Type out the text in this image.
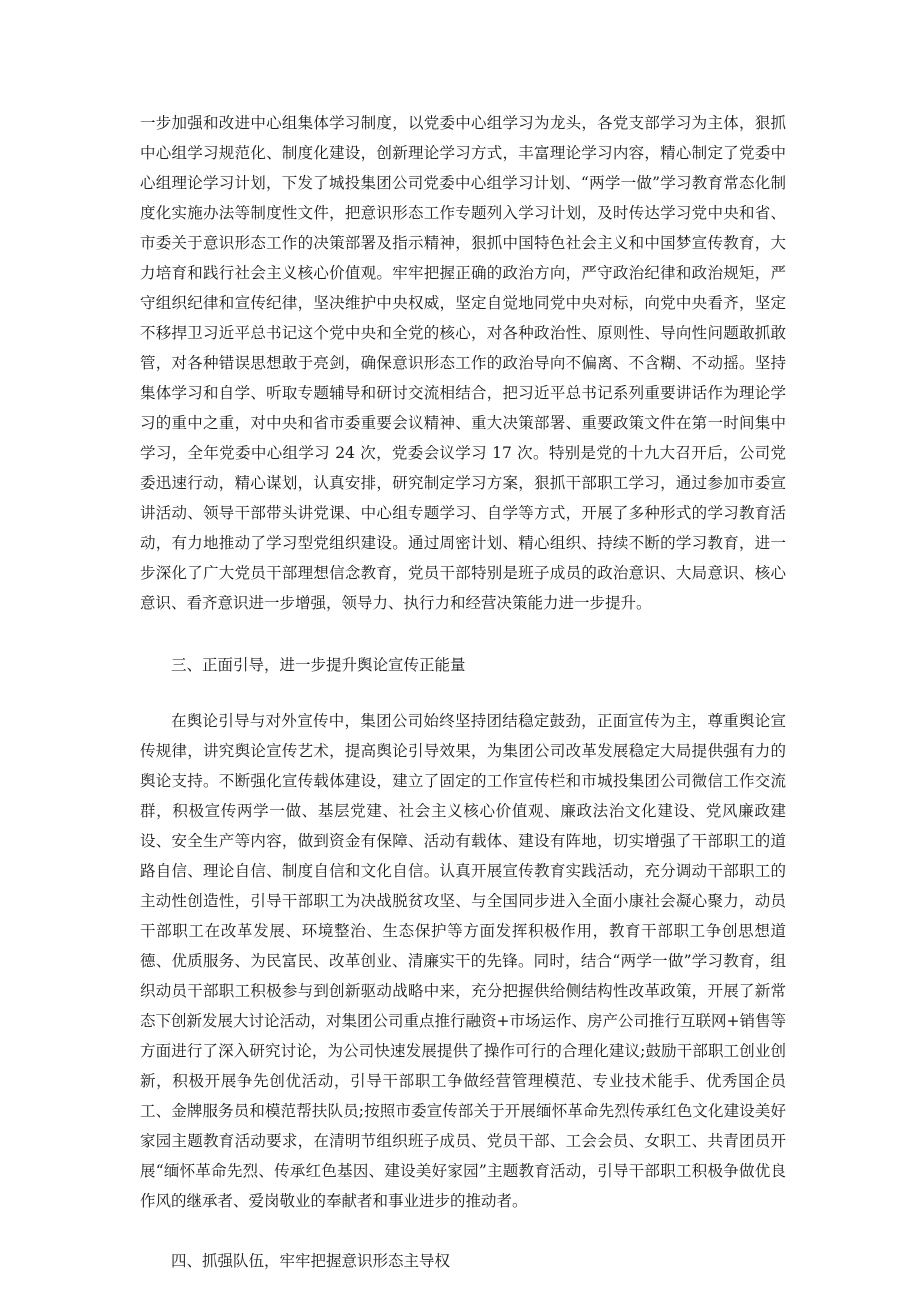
一步加强和改进中心组集体学习制度，以党委中心组学习为龙头，各党支部学习为主体，狠抓中心组学习规范化、制度化建设，创新理论学习方式，丰富理论学习内容，精心制定了党委中心组理论学习计划，下发了城投集团公司党委中心组学习计划、“两学一做”学习教育常态化制度化实施办法等制度性文件，把意识形态工作专题列入学习计划，及时传达学习党中央和省、市委关于意识形态工作的决策部署及指示精神，狠抓中国特色社会主义和中国梦宣传教育，大力培育和践行社会主义核心价值观。牢牢把握正确的政治方向，严守政治纪律和政治规矩，严守组织纪律和宣传纪律，坚决维护中央权威，坚定自觉地同党中央对标，向党中央看齐，坚定不移捍卫习近平总书记这个党中央和全党的核心，对各种政治性、原则性、导向性问题敢抓敢管，对各种错误思想敢于亮剑，确保意识形态工作的政治导向不偏离、不含糊、不动摇。坚持集体学习和自学、听取专题辅导和研讨交流相结合，把习近平总书记系列重要讲话作为理论学习的重中之重，对中央和省市委重要会议精神、重大决策部署、重要政策文件在第一时间集中学习，全年党委中心组学习 24 次，党委会议学习 17 次。特别是党的十九大召开后，公司党委迅速行动，精心谋划，认真安排，研究制定学习方案，狠抓干部职工学习，通过参加市委宣讲活动、领导干部带头讲党课、中心组专题学习、自学等方式，开展了多种形式的学习教育活动，有力地推动了学习型党组织建设。通过周密计划、精心组织、持续不断的学习教育，进一步深化了广大党员干部理想信念教育，党员干部特别是班子成员的政治意识、大局意识、核心意识、看齐意识进一步增强，领导力、执行力和经营决策能力进一步提升。

三、正面引导，进一步提升舆论宣传正能量

在舆论引导与对外宣传中，集团公司始终坚持团结稳定鼓劲，正面宣传为主，尊重舆论宣传规律，讲究舆论宣传艺术，提高舆论引导效果，为集团公司改革发展稳定大局提供强有力的舆论支持。不断强化宣传载体建设，建立了固定的工作宣传栏和市城投集团公司微信工作交流群，积极宣传两学一做、基层党建、社会主义核心价值观、廉政法治文化建设、党风廉政建设、安全生产等内容，做到资金有保障、活动有载体、建设有阵地，切实增强了干部职工的道路自信、理论自信、制度自信和文化自信。认真开展宣传教育实践活动，充分调动干部职工的主动性创造性，引导干部职工为决战脱贫攻坚、与全国同步进入全面小康社会凝心聚力，动员干部职工在改革发展、环境整治、生态保护等方面发挥积极作用，教育干部职工争创思想道德、优质服务、为民富民、改革创业、清廉实干的先锋。同时，结合“两学一做”学习教育，组织动员干部职工积极参与到创新驱动战略中来，充分把握供给侧结构性改革政策，开展了新常态下创新发展大讨论活动，对集团公司重点推行融资+市场运作、房产公司推行互联网+销售等方面进行了深入研究讨论，为公司快速发展提供了操作可行的合理化建议;鼓励干部职工创业创新，积极开展争先创优活动，引导干部职工争做经营管理模范、专业技术能手、优秀国企员工、金牌服务员和模范帮扶队员;按照市委宣传部关于开展缅怀革命先烈传承红色文化建设美好家园主题教育活动要求，在清明节组织班子成员、党员干部、工会会员、女职工、共青团员开展“缅怀革命先烈、传承红色基因、建设美好家园”主题教育活动，引导干部职工积极争做优良作风的继承者、爱岗敬业的奉献者和事业进步的推动者。

四、抓强队伍，牢牢把握意识形态主导权
